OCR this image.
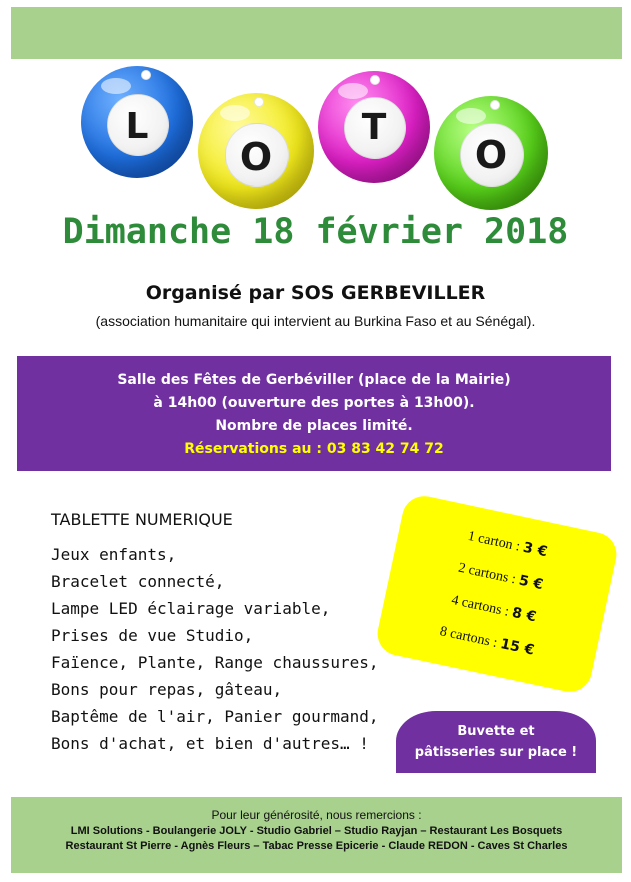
L
O
T
O
Dimanche 18 février 2018
Organisé par SOS GERBEVILLER
(association humanitaire qui intervient au Burkina Faso et au Sénégal).
Salle des Fêtes de Gerbéviller (place de la Mairie)
à 14h00 (ouverture des portes à 13h00).
Nombre de places limité.
Réservations au : 03 83 42 74 72
TABLETTE NUMERIQUE
Jeux enfants,
Bracelet connecté,
Lampe LED éclairage variable,
Prises de vue Studio,
Faïence, Plante, Range chaussures,
Bons pour repas, gâteau,
Baptême de l'air, Panier gourmand,
Bons d'achat, et bien d'autres… !
1 carton : 3 €
2 cartons : 5 €
4 cartons : 8 €
8 cartons : 15 €
Buvette et
pâtisseries sur place !
Pour leur générosité, nous remercions :
LMI Solutions - Boulangerie JOLY - Studio Gabriel – Studio Rayjan – Restaurant Les Bosquets
Restaurant St Pierre - Agnès Fleurs – Tabac Presse Epicerie - Claude REDON - Caves St Charles
